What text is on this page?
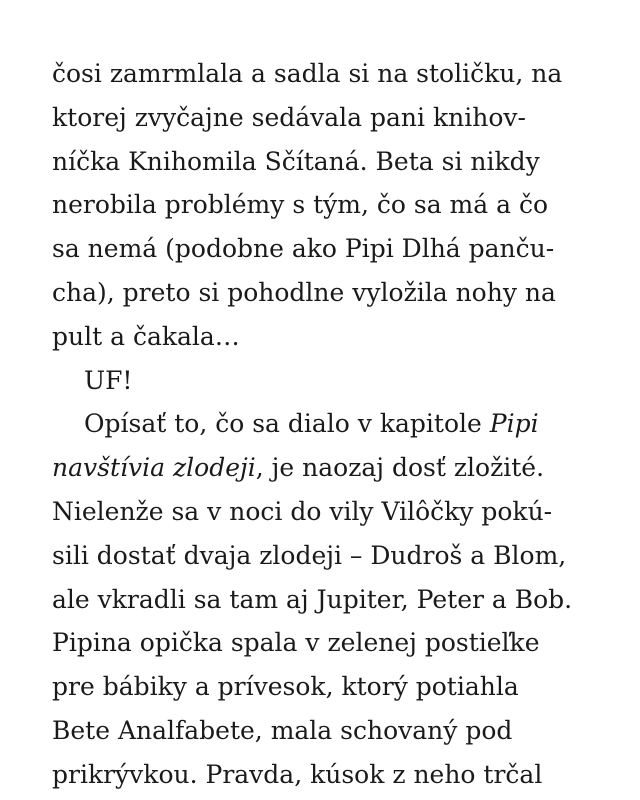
čosi zamrmlala a sadla si na stoličku, na
ktorej zvyčajne sedávala pani knihov-
níčka Knihomila Sčítaná. Beta si nikdy
nerobila problémy s tým, čo sa má a čo
sa nemá (podobne ako Pipi Dlhá panču-
cha), preto si pohodlne vyložila nohy na
pult a čakala…
UF!
Opísať to, čo sa dialo v kapitole Pipi
navštívia zlodeji, je naozaj dosť zložité.
Nielenže sa v noci do vily Vilôčky pokú-
sili dostať dvaja zlodeji – Dudroš a Blom,
ale vkradli sa tam aj Jupiter, Peter a Bob.
Pipina opička spala v zelenej postieľke
pre bábiky a prívesok, ktorý potiahla
Bete Analfabete, mala schovaný pod
prikrývkou. Pravda, kúsok z neho trčal
